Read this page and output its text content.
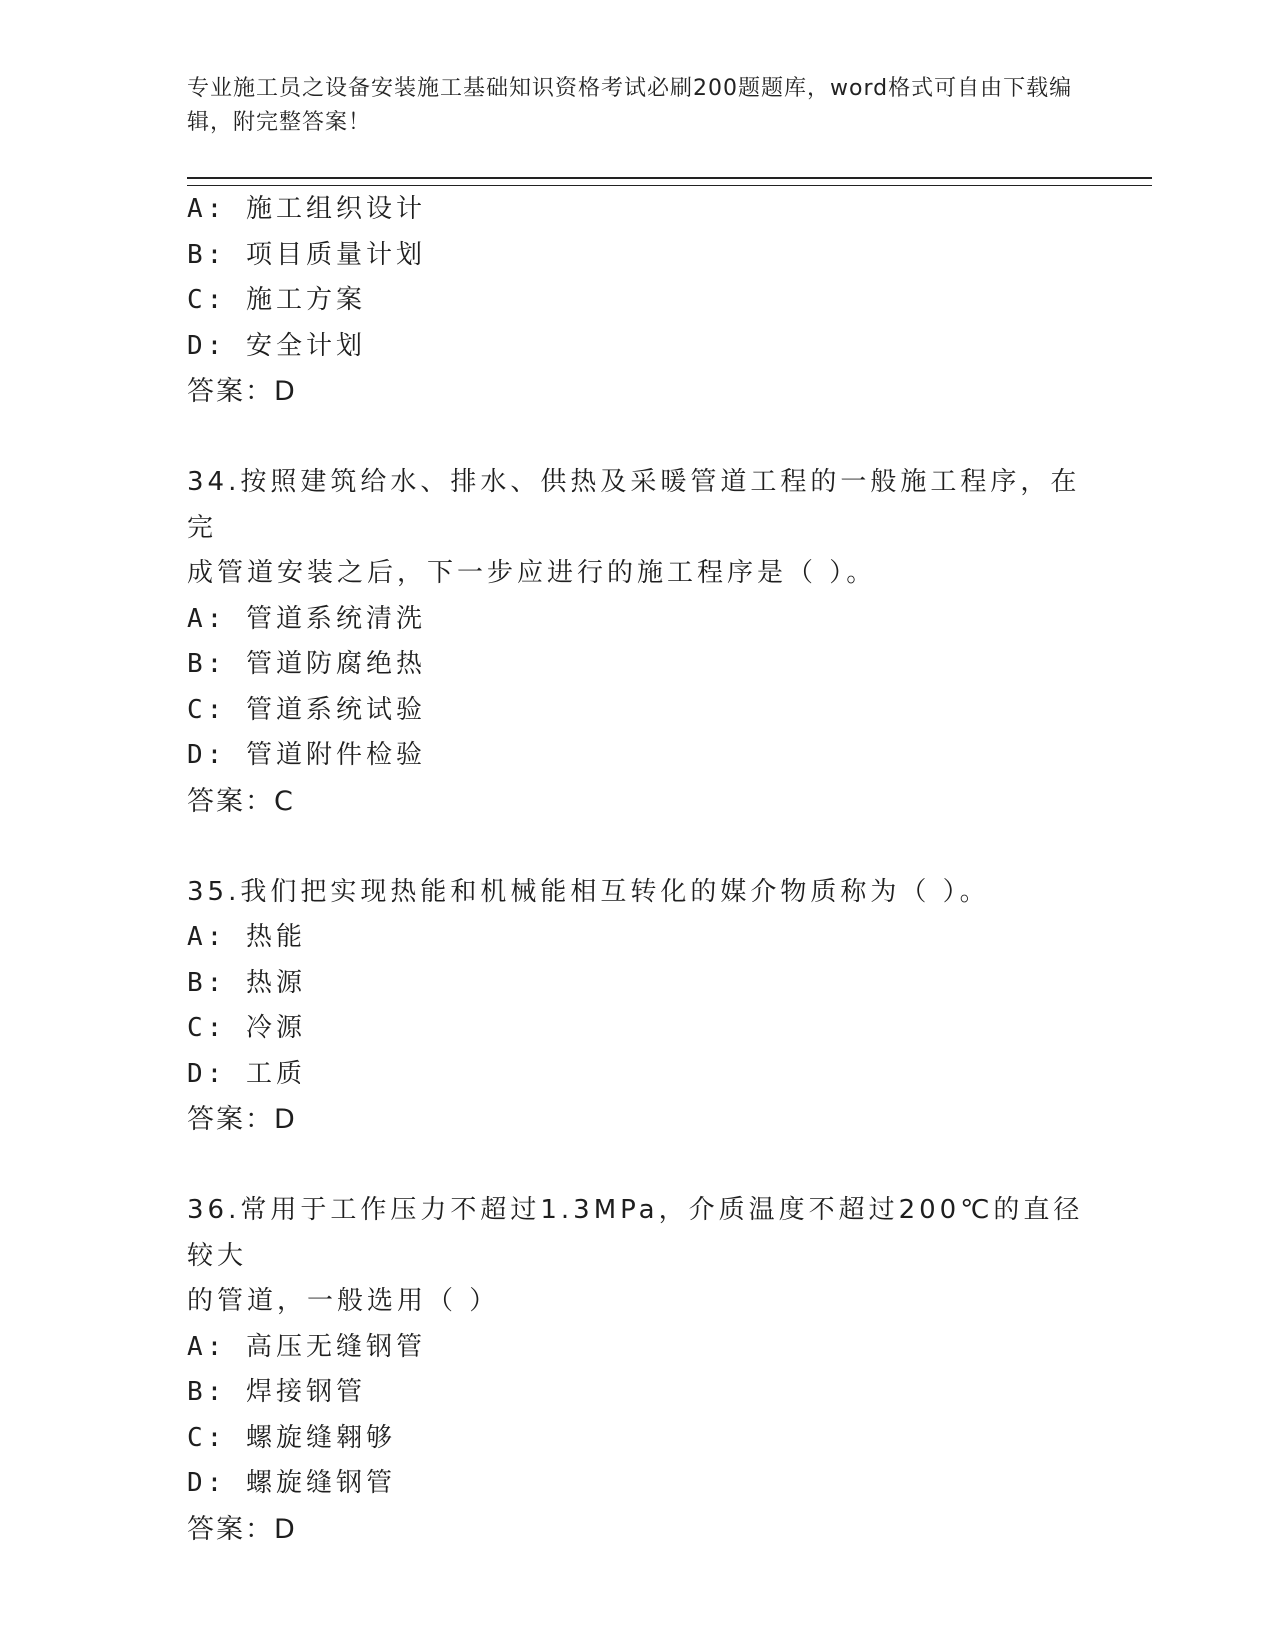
专业施工员之设备安装施工基础知识资格考试必刷200题题库，word格式可自由下载编辑，附完整答案！
A: 施工组织设计
B: 项目质量计划
C: 施工方案
D: 安全计划
答案：D
34.按照建筑给水、排水、供热及采暖管道工程的一般施工程序，在完
成管道安装之后，下一步应进行的施工程序是（ ）。
A: 管道系统清洗
B: 管道防腐绝热
C: 管道系统试验
D: 管道附件检验
答案：C
35.我们把实现热能和机械能相互转化的媒介物质称为（ ）。
A: 热能
B: 热源
C: 冷源
D: 工质
答案：D
36.常用于工作压力不超过1.3MPa，介质温度不超过200℃的直径较大
的管道，一般选用（ ）
A: 高压无缝钢管
B: 焊接钢管
C: 螺旋缝翱够
D: 螺旋缝钢管
答案：D
